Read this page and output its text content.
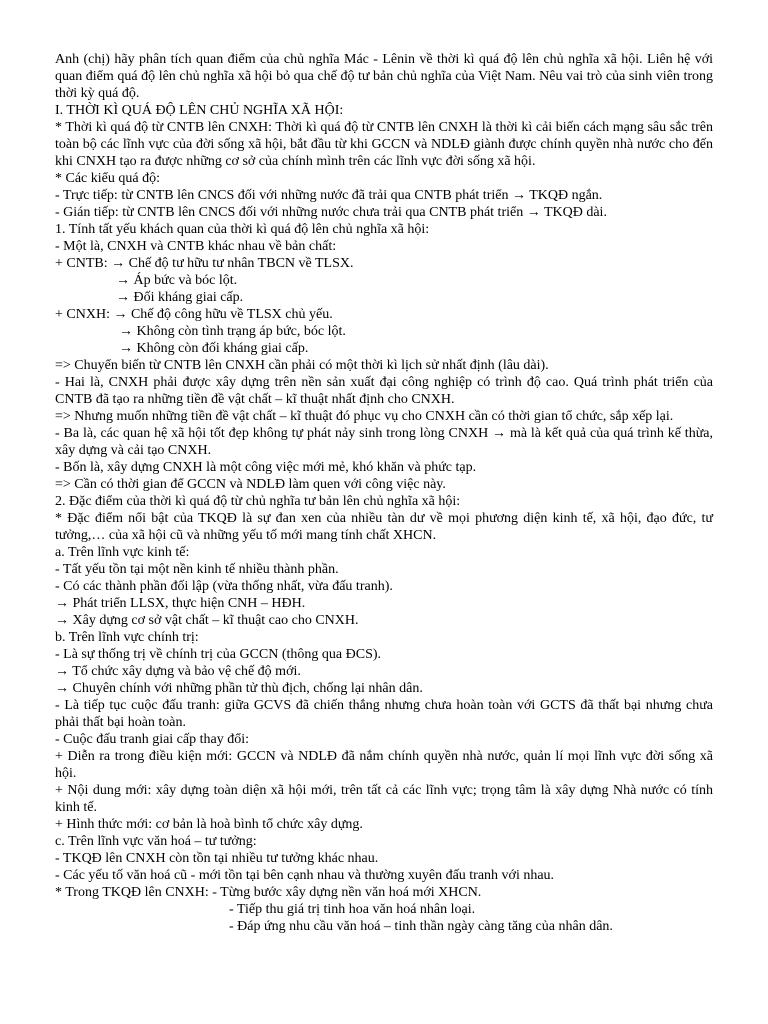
Anh (chị) hãy phân tích quan điểm của chủ nghĩa Mác - Lênin về thời kì quá độ lên chủ nghĩa xã hội. Liên hệ với quan điểm quá độ lên chủ nghĩa xã hội bỏ qua chế độ tư bản chủ nghĩa của Việt Nam. Nêu vai trò của sinh viên trong thời kỳ quá độ.
I. THỜI KÌ QUÁ ĐỘ LÊN CHỦ NGHĨA XÃ HỘI:
* Thời kì quá độ từ CNTB lên CNXH: Thời kì quá độ từ CNTB lên CNXH là thời kì cải biến cách mạng sâu sắc trên toàn bộ các lĩnh vực của đời sống xã hội, bắt đầu từ khi GCCN và NDLĐ giành được chính quyền nhà nước cho đến khi CNXH tạo ra được những cơ sở của chính mình trên các lĩnh vực đời sống xã hội.
* Các kiểu quá độ:
- Trực tiếp: từ CNTB lên CNCS đối với những nước đã trải qua CNTB phát triển → TKQĐ ngắn.
- Gián tiếp: từ CNTB lên CNCS đối với những nước chưa trải qua CNTB phát triển → TKQĐ dài.
1. Tính tất yếu khách quan của thời kì quá độ lên chủ nghĩa xã hội:
- Một là, CNXH và CNTB khác nhau về bản chất:
+ CNTB: → Chế độ tư hữu tư nhân TBCN về TLSX.
→ Áp bức và bóc lột.
→ Đối kháng giai cấp.
+ CNXH: → Chế độ công hữu về TLSX chủ yếu.
→ Không còn tình trạng áp bức, bóc lột.
→ Không còn đối kháng giai cấp.
=> Chuyển biến từ CNTB lên CNXH cần phải có một thời kì lịch sử nhất định (lâu dài).
- Hai là, CNXH phải được xây dựng trên nền sản xuất đại công nghiệp có trình độ cao. Quá trình phát triển của CNTB đã tạo ra những tiền đề vật chất – kĩ thuật nhất định cho CNXH.
=> Nhưng muốn những tiền đề vật chất – kĩ thuật đó phục vụ cho CNXH cần có thời gian tổ chức, sắp xếp lại.
- Ba là, các quan hệ xã hội tốt đẹp không tự phát nảy sinh trong lòng CNXH → mà là kết quả của quá trình kế thừa, xây dựng và cải tạo CNXH.
- Bốn là, xây dựng CNXH là một công việc mới mẻ, khó khăn và phức tạp.
=> Cần có thời gian để GCCN và NDLĐ làm quen với công việc này.
2. Đặc điểm của thời kì quá độ từ chủ nghĩa tư bản lên chủ nghĩa xã hội:
* Đặc điểm nổi bật của TKQĐ là sự đan xen của nhiều tàn dư về mọi phương diện kinh tế, xã hội, đạo đức, tư tưởng,… của xã hội cũ và những yếu tố mới mang tính chất XHCN.
a. Trên lĩnh vực kinh tế:
- Tất yếu tồn tại một nền kinh tế nhiều thành phần.
- Có các thành phần đối lập (vừa thống nhất, vừa đấu tranh).
→ Phát triển LLSX, thực hiện CNH – HĐH.
→ Xây dựng cơ sở vật chất – kĩ thuật cao cho CNXH.
b. Trên lĩnh vực chính trị:
- Là sự thống trị về chính trị của GCCN (thông qua ĐCS).
→ Tổ chức xây dựng và bảo vệ chế độ mới.
→ Chuyên chính với những phần tử thù địch, chống lại nhân dân.
- Là tiếp tục cuộc đấu tranh: giữa GCVS đã chiến thắng nhưng chưa hoàn toàn với GCTS đã thất bại nhưng chưa phải thất bại hoàn toàn.
- Cuộc đấu tranh giai cấp thay đổi:
+ Diễn ra trong điều kiện mới: GCCN và NDLĐ đã nắm chính quyền nhà nước, quản lí mọi lĩnh vực đời sống xã hội.
+ Nội dung mới: xây dựng toàn diện xã hội mới, trên tất cả các lĩnh vực; trọng tâm là xây dựng Nhà nước có tính kinh tế.
+ Hình thức mới: cơ bản là hoà bình tổ chức xây dựng.
c. Trên lĩnh vực văn hoá – tư tưởng:
- TKQĐ lên CNXH còn tồn tại nhiều tư tưởng khác nhau.
- Các yếu tố văn hoá cũ - mới tồn tại bên cạnh nhau và thường xuyên đấu tranh với nhau.
* Trong TKQĐ lên CNXH: - Từng bước xây dựng nền văn hoá mới XHCN.
- Tiếp thu giá trị tinh hoa văn hoá nhân loại.
- Đáp ứng nhu cầu văn hoá – tinh thần ngày càng tăng của nhân dân.
